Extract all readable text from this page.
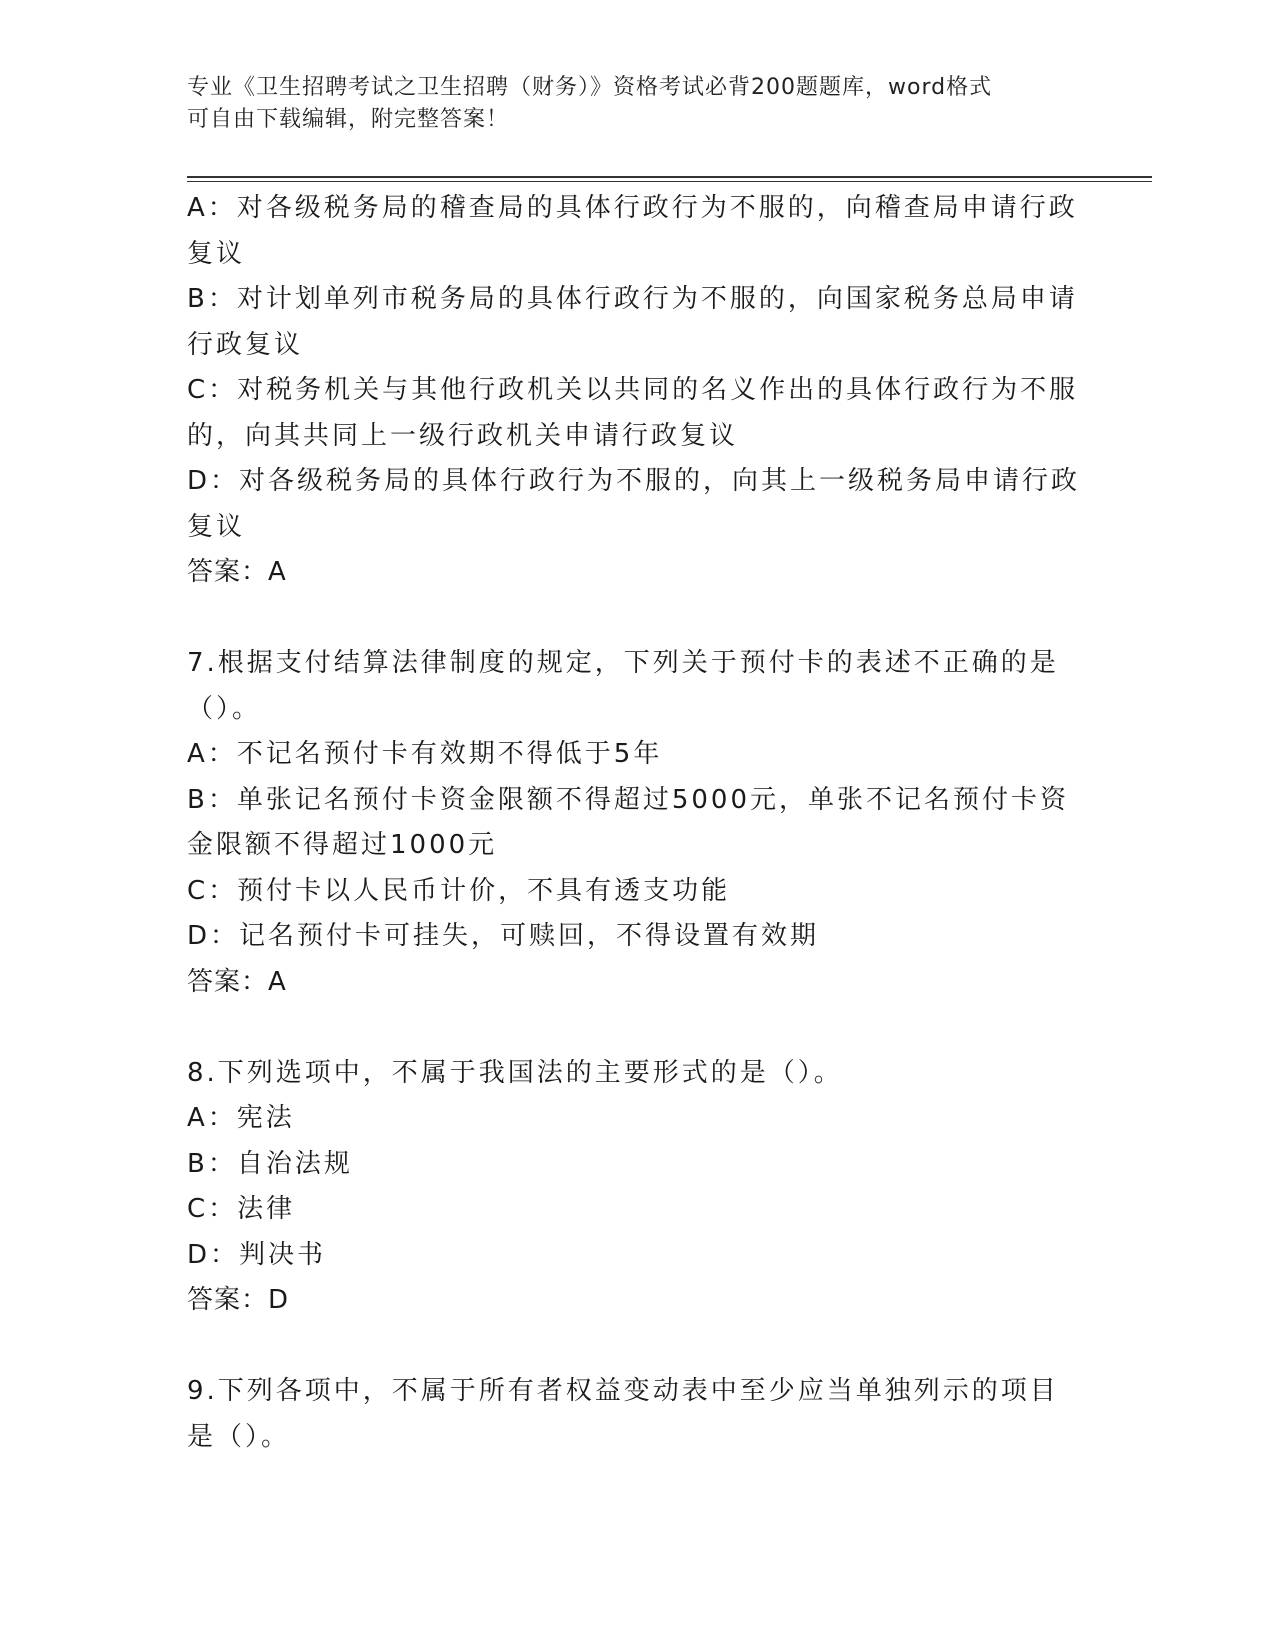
专业《卫生招聘考试之卫生招聘（财务）》资格考试必背200题题库，word格式
可自由下载编辑，附完整答案！
A：对各级税务局的稽查局的具体行政行为不服的，向稽查局申请行政
复议
B：对计划单列市税务局的具体行政行为不服的，向国家税务总局申请
行政复议
C：对税务机关与其他行政机关以共同的名义作出的具体行政行为不服
的，向其共同上一级行政机关申请行政复议
D：对各级税务局的具体行政行为不服的，向其上一级税务局申请行政
复议
答案：A
7.根据支付结算法律制度的规定，下列关于预付卡的表述不正确的是
（）。
A：不记名预付卡有效期不得低于5年
B：单张记名预付卡资金限额不得超过5000元，单张不记名预付卡资
金限额不得超过1000元
C：预付卡以人民币计价，不具有透支功能
D：记名预付卡可挂失，可赎回，不得设置有效期
答案：A
8.下列选项中，不属于我国法的主要形式的是（）。
A：宪法
B：自治法规
C：法律
D：判决书
答案：D
9.下列各项中，不属于所有者权益变动表中至少应当单独列示的项目
是（）。
